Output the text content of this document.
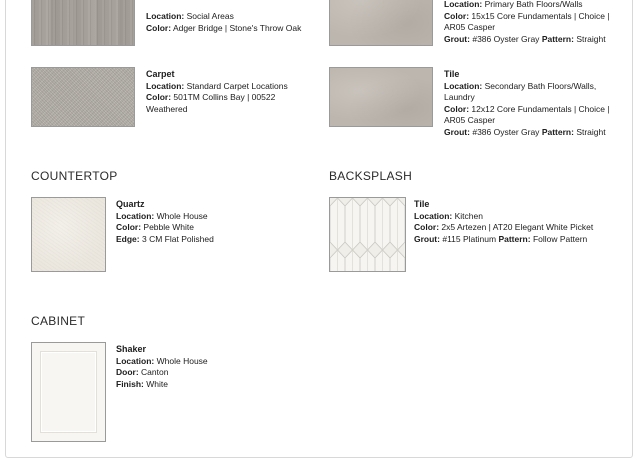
Location: Social Areas
Color: Adger Bridge | Stone's Throw Oak
Location: Primary Bath Floors/Walls
Color: 15x15 Core Fundamentals | Choice | AR05 Casper
Grout: #386 Oyster Gray Pattern: Straight
Carpet
Location: Standard Carpet Locations
Color: 501TM Collins Bay | 00522 Weathered
Tile
Location: Secondary Bath Floors/Walls, Laundry
Color: 12x12 Core Fundamentals | Choice | AR05 Casper
Grout: #386 Oyster Gray Pattern: Straight
COUNTERTOP	BACKSPLASH
Quartz
Location: Whole House
Color: Pebble White
Edge: 3 CM Flat Polished
Tile
Location: Kitchen
Color: 2x5 Artezen | AT20 Elegant White Picket
Grout: #115 Platinum Pattern: Follow Pattern
CABINET
Shaker
Location: Whole House
Door: Canton
Finish: White
